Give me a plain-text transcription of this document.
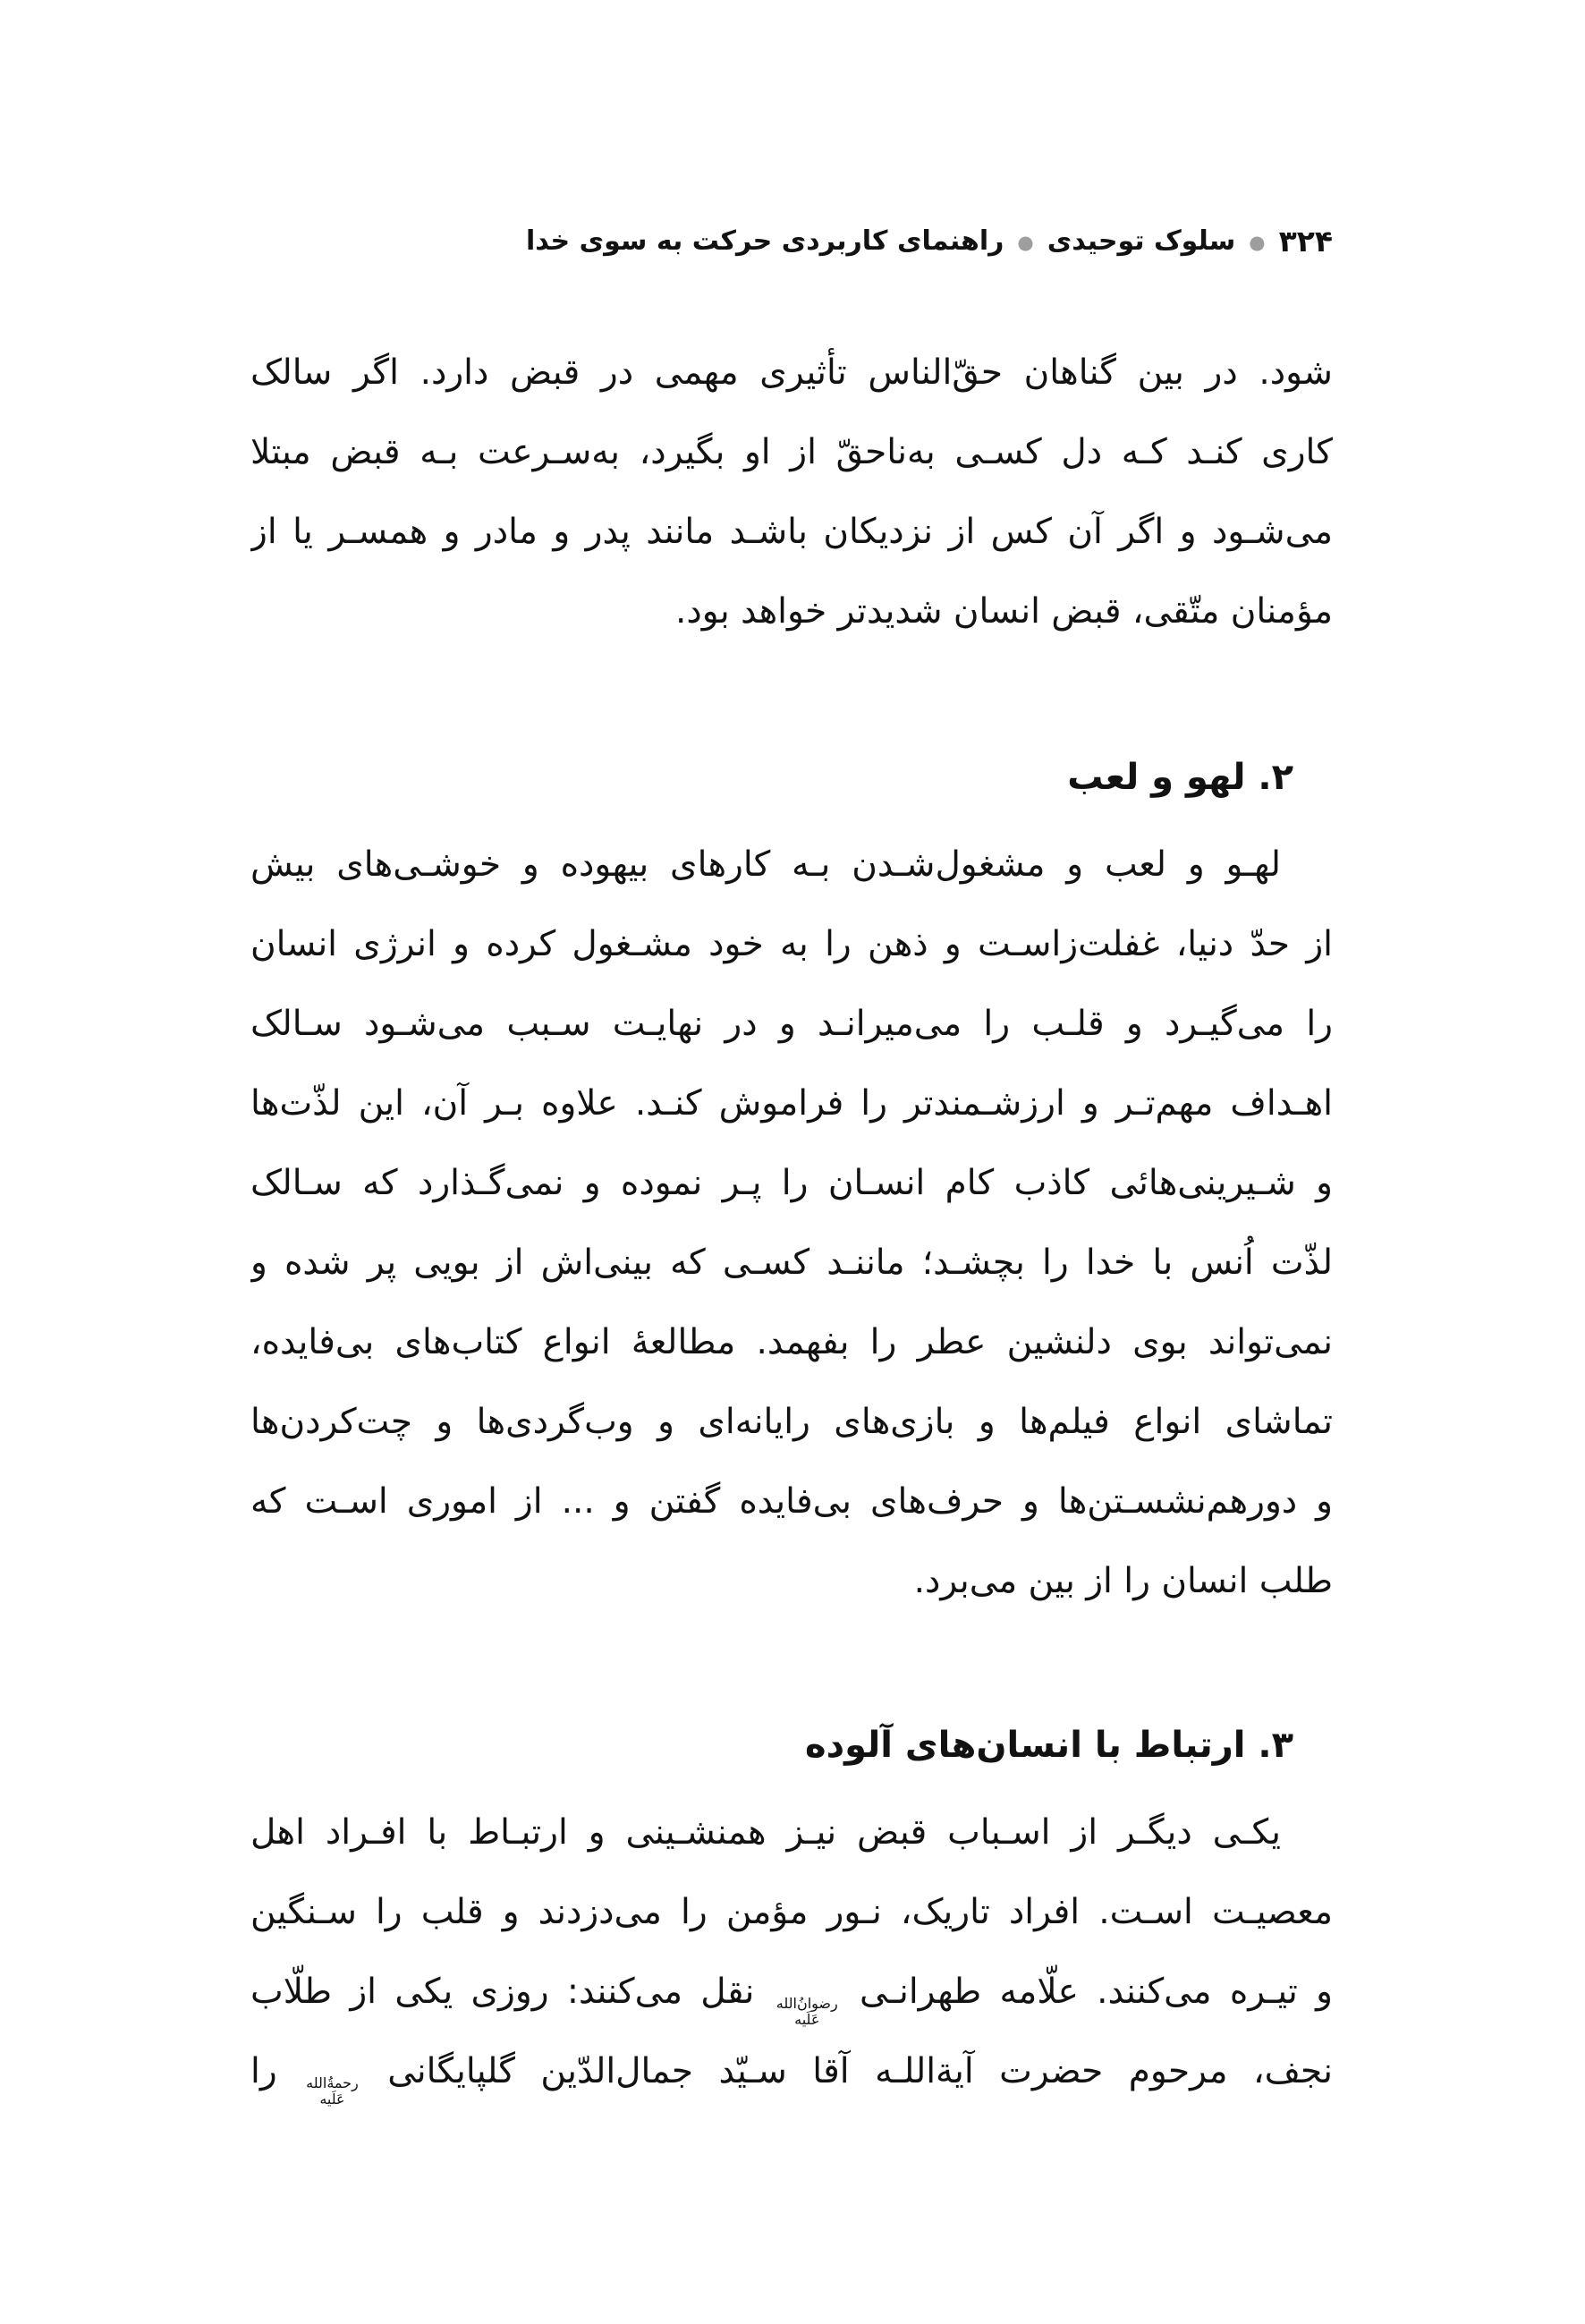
۳۲۴
●
سلوک توحیدی
●
راهنمای کاربردی حرکت به سوی خدا
شود. در بین گناهان حقّ‌الناس تأثیری مهمی در قبض دارد. اگر سالک
کاری کنـد کـه دل کسـی به‌ناحقّ از او بگیرد، به‌سـرعت بـه قبض مبتلا
می‌شـود و اگر آن کس از نزدیکان باشـد مانند پدر و مادر و همسـر یا از
مؤمنان متّقی، قبض انسان شدیدتر خواهد بود.
۲. لهو و لعب
لهـو و لعب و مشغول‌شـدن بـه کارهای بیهوده و خوشـی‌های بیش
از حدّ دنیا، غفلت‌زاسـت و ذهن را به خود مشـغول کرده و انرژی انسان
را می‌گیـرد و قلـب را می‌میرانـد و در نهایـت سـبب می‌شـود سـالک
اهـداف مهم‌تـر و ارزشـمندتر را فراموش کنـد. علاوه بـر آن، این لذّت‌ها
و شـیرینی‌هائی کاذب کام انسـان را پـر نموده و نمی‌گـذارد که سـالک
لذّت اُنس با خدا را بچشـد؛ ماننـد کسـی که بینی‌اش از بویی پر شده و
نمی‌تواند بوی دلنشین عطر را بفهمد. مطالعهٔ انواع کتاب‌های بی‌فایده،
تماشای انواع فیلم‌ها و بازی‌های رایانه‌ای و وب‌گردی‌ها و چت‌کردن‌ها
و دورهم‌نشسـتن‌ها و حرف‌های بی‌فایده گفتن و ... از اموری اسـت که
طلب انسان را از بین می‌برد.
۳. ارتباط با انسان‌های آلوده
یکـی دیگـر از اسـباب قبض نیـز همنشـینی و ارتبـاط با افـراد اهل
معصیـت اسـت. افراد تاریک، نـور مؤمن را می‌دزدند و قلب را سـنگین
و تیـره می‌کنند. علّامه طهرانـی
رضوانُ‌الله
عَلَیه
نقل می‌کنند: روزی یکی از طلّاب
نجف، مرحوم حضرت آیة‌اللـه آقا سـیّد جمال‌الدّین گلپایگانی
رحمةُ‌الله
عَلَیه
را
